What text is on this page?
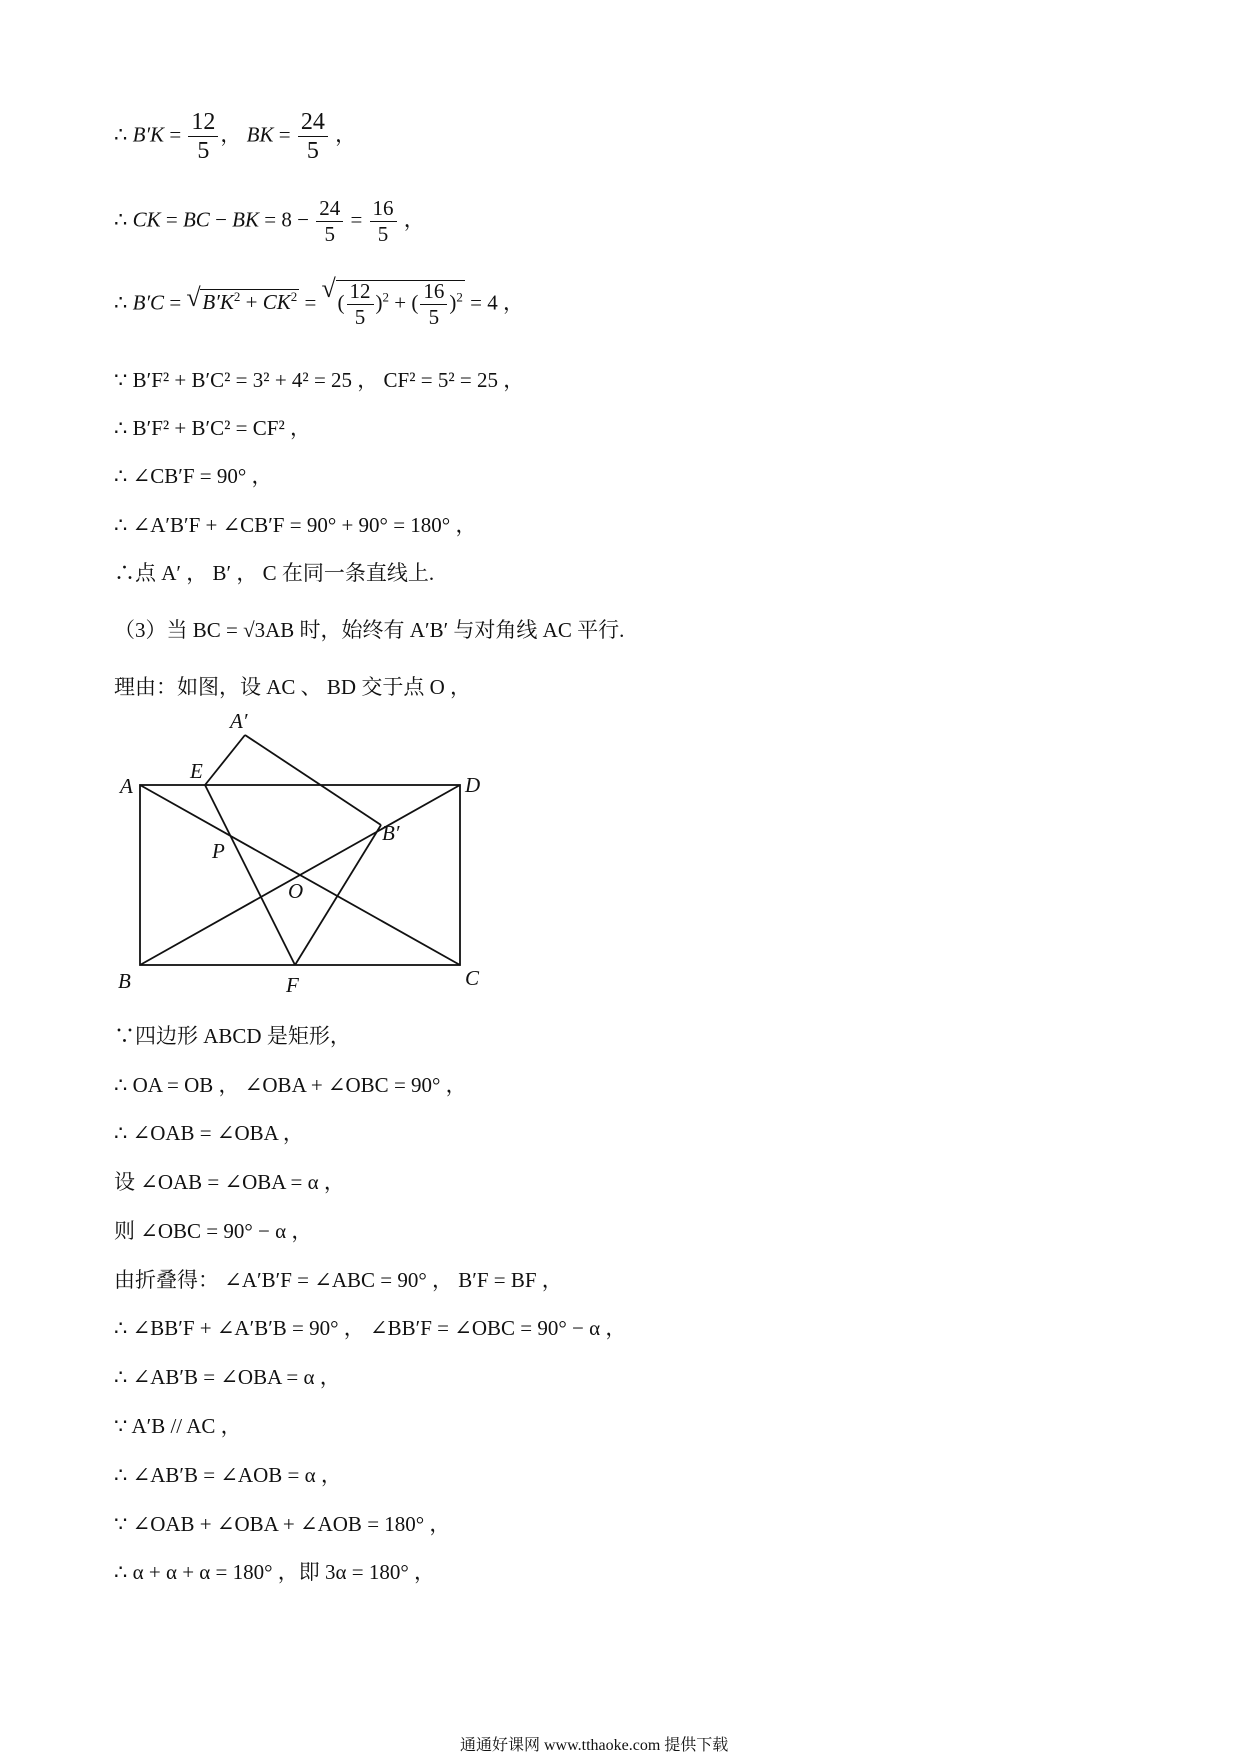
∴ $B'K = \frac{12}{5}$ ， BK = $\frac{24}{5}$ ，
∴ CK = BC − BK = $8 - \frac{24}{5} = \frac{16}{5}$ ，
∴ B′C = √ $B'K^2 + CK^2$ = √ ( $\frac{12}{5} )^2$ + ( $\frac{16}{5} )^2 = 4$ ，
∵ B′F² + B′C² = 3² + 4² = 25 ， CF² = 5² = 25 ，
∴ B′F² + B′C² = CF² ，
∴ ∠CB′F = 90° ，
∴ ∠A′B′F + ∠CB′F = 90° + 90° = 180° ，
∴点 A′ ， B′ ， C 在同一条直线上.
（3）当 BC = √3AB 时，始终有 A′B′ 与对角线 AC 平行.
理由：如图，设 AC 、 BD 交于点 O ，
A
B	C
D
E
F
P
O
A′
B′
∵四边形 ABCD 是矩形，
∴ OA = OB ， ∠OBA + ∠OBC = 90° ，
∴ ∠OAB = ∠OBA ，
设 ∠OAB = ∠OBA = α ，
则 ∠OBC = 90° − α ，
由折叠得： ∠A′B′F = ∠ABC = 90° ， B′F = BF ，
∴ ∠BB′F + ∠A′B′B = 90° ， ∠BB′F = ∠OBC = 90° − α ，
∴ ∠AB′B = ∠OBA = α ，
∵ A′B // AC ，
∴ ∠AB′B = ∠AOB = α ，
∵ ∠OAB + ∠OBA + ∠AOB = 180° ，
∴ α + α + α = 180° ，即 3α = 180° ，
通通好课网 www.tthaoke.com 提供下载
